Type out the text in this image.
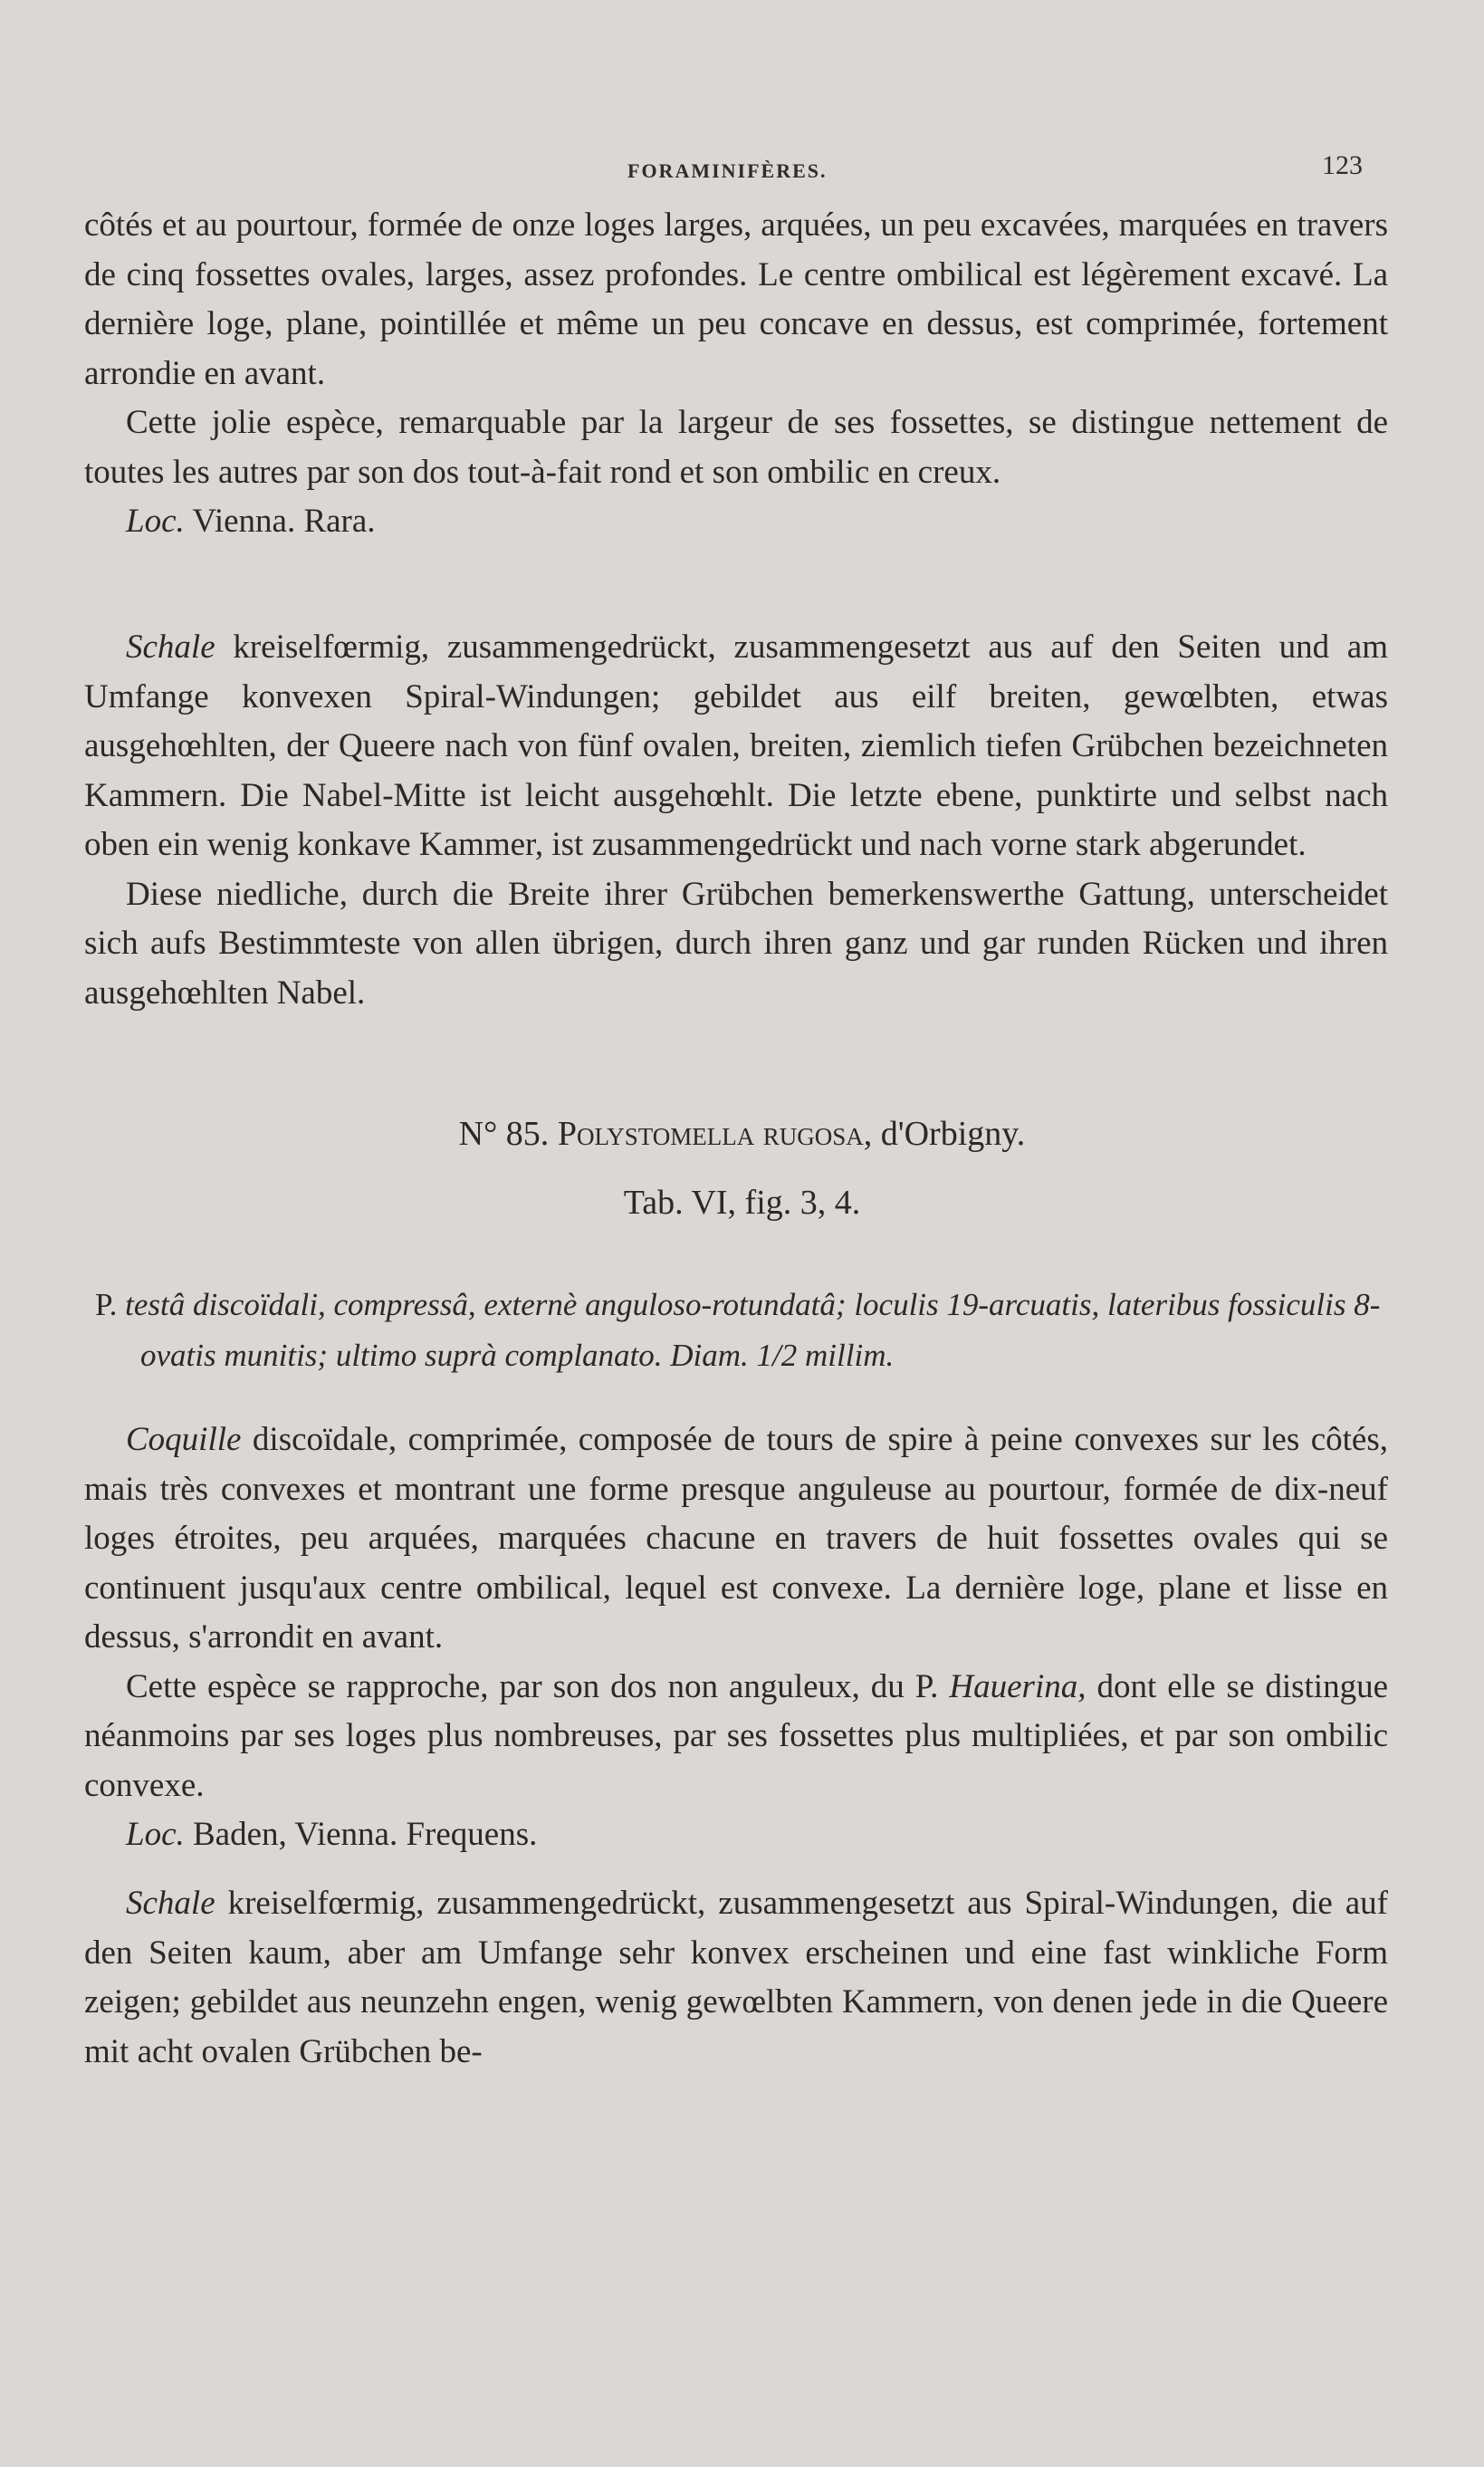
FORAMINIFÈRES.	123

côtés et au pourtour, formée de onze loges larges, arquées, un peu excavées, marquées en travers de cinq fossettes ovales, larges, assez profondes. Le centre ombilical est légèrement excavé. La dernière loge, plane, pointillée et même un peu concave en dessus, est comprimée, fortement arrondie en avant.

Cette jolie espèce, remarquable par la largeur de ses fossettes, se distingue nettement de toutes les autres par son dos tout-à-fait rond et son ombilic en creux.

Loc. Vienna. Rara.

Schale kreiselfœrmig, zusammengedrückt, zusammengesetzt aus auf den Seiten und am Umfange konvexen Spiral-Windungen; gebildet aus eilf breiten, gewœlbten, etwas ausgehœhlten, der Queere nach von fünf ovalen, breiten, ziemlich tiefen Grübchen bezeichneten Kammern. Die Nabel-Mitte ist leicht ausgehœhlt. Die letzte ebene, punktirte und selbst nach oben ein wenig konkave Kammer, ist zusammengedrückt und nach vorne stark abgerundet.

Diese niedliche, durch die Breite ihrer Grübchen bemerkenswerthe Gattung, unterscheidet sich aufs Bestimmteste von allen übrigen, durch ihren ganz und gar runden Rücken und ihren ausgehœhlten Nabel.

N° 85. Polystomella rugosa, d'Orbigny.
Tab. VI, fig. 3, 4.

P. testâ discoïdali, compressâ, externè anguloso-rotundatâ; loculis 19-arcuatis, lateribus fossiculis 8-ovatis munitis; ultimo suprà complanato. Diam. 1/2 millim.

Coquille discoïdale, comprimée, composée de tours de spire à peine convexes sur les côtés, mais très convexes et montrant une forme presque anguleuse au pourtour, formée de dix-neuf loges étroites, peu arquées, marquées chacune en travers de huit fossettes ovales qui se continuent jusqu'aux centre ombilical, lequel est convexe. La dernière loge, plane et lisse en dessus, s'arrondit en avant.

Cette espèce se rapproche, par son dos non anguleux, du P. Hauerina, dont elle se distingue néanmoins par ses loges plus nombreuses, par ses fossettes plus multipliées, et par son ombilic convexe.

Loc. Baden, Vienna. Frequens.

Schale kreiselfœrmig, zusammengedrückt, zusammengesetzt aus Spiral-Windungen, die auf den Seiten kaum, aber am Umfange sehr konvex erscheinen und eine fast winkliche Form zeigen; gebildet aus neunzehn engen, wenig gewœlbten Kammern, von denen jede in die Queere mit acht ovalen Grübchen be-
